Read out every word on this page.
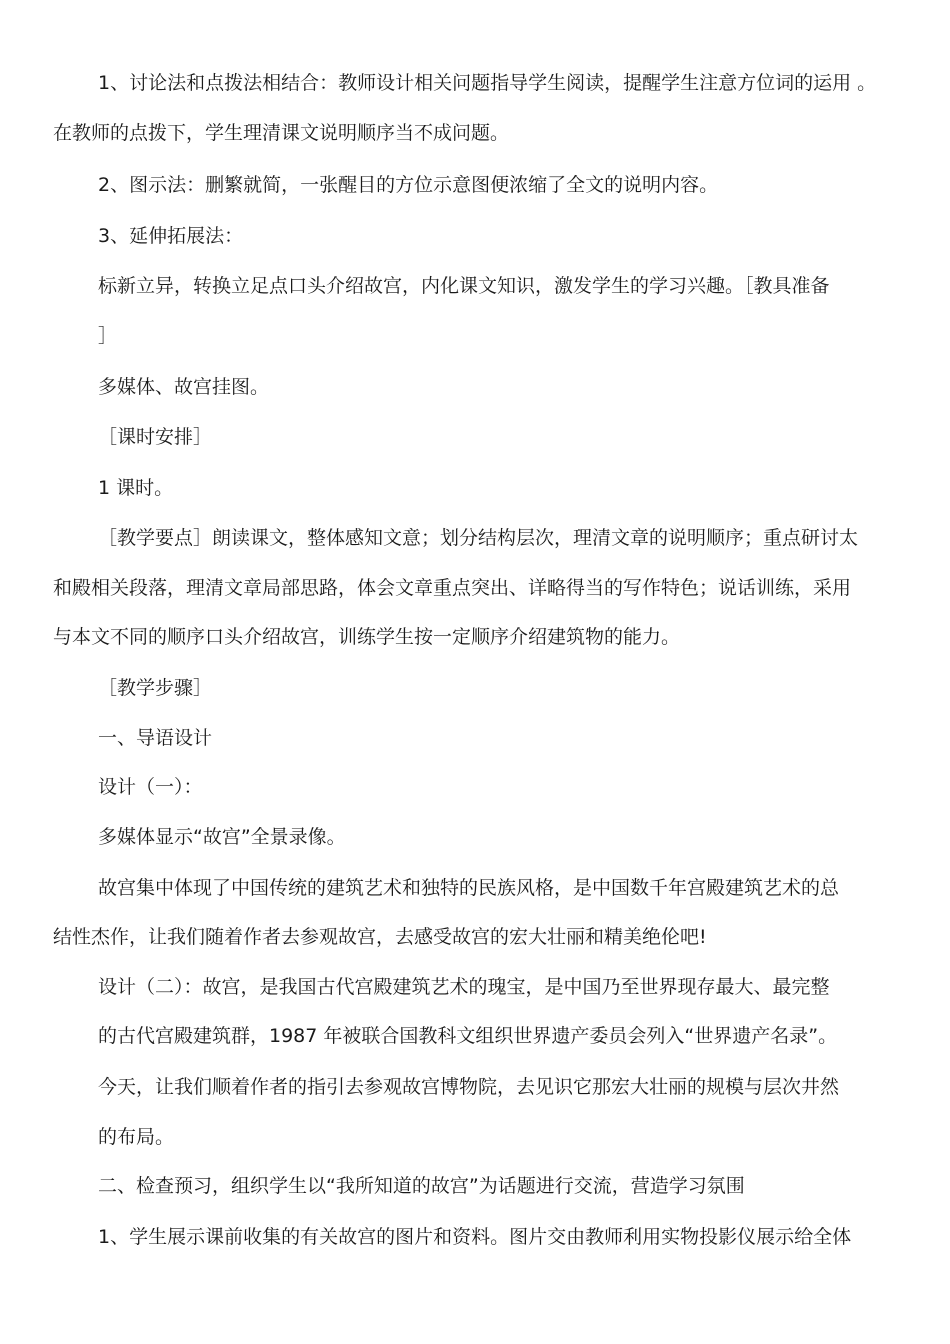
1、讨论法和点拨法相结合：教师设计相关问题指导学生阅读，提醒学生注意方位词的运用 。
在教师的点拨下，学生理清课文说明顺序当不成问题。
2、图示法：删繁就简，一张醒目的方位示意图便浓缩了全文的说明内容。
3、延伸拓展法：
标新立异，转换立足点口头介绍故宫，内化课文知识，激发学生的学习兴趣。［教具准备
］
多媒体、故宫挂图。
［课时安排］
1 课时。
［教学要点］朗读课文，整体感知文意；划分结构层次，理清文章的说明顺序；重点研讨太
和殿相关段落，理清文章局部思路，体会文章重点突出、详略得当的写作特色；说话训练，采用
与本文不同的顺序口头介绍故宫，训练学生按一定顺序介绍建筑物的能力。
［教学步骤］
一、导语设计
设计（一）：
多媒体显示“故宫”全景录像。
故宫集中体现了中国传统的建筑艺术和独特的民族风格，是中国数千年宫殿建筑艺术的总
结性杰作，让我们随着作者去参观故宫，去感受故宫的宏大壮丽和精美绝伦吧!
设计（二）：故宫，是我国古代宫殿建筑艺术的瑰宝，是中国乃至世界现存最大、最完整
的古代宫殿建筑群，1987 年被联合国教科文组织世界遗产委员会列入“世界遗产名录”。
今天，让我们顺着作者的指引去参观故宫博物院，去见识它那宏大壮丽的规模与层次井然
的布局。
二、检查预习，组织学生以“我所知道的故宫”为话题进行交流，营造学习氛围
1、学生展示课前收集的有关故宫的图片和资料。图片交由教师利用实物投影仪展示给全体
